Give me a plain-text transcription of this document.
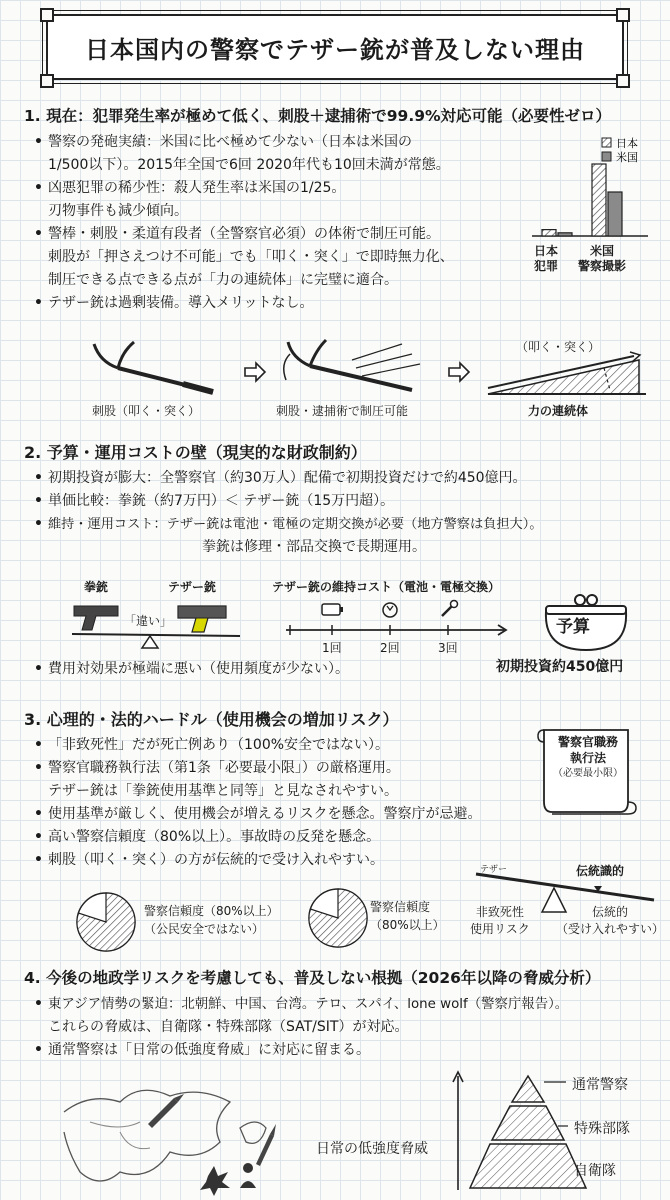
日本国内の警察でテザー銃が普及しない理由
1. 現在：犯罪発生率が極めて低く、刺股＋逮捕術で99.9%対応可能（必要性ゼロ）
• 警察の発砲実績：米国に比べ極めて少ない（日本は米国の
1/500以下）。2015年全国で6回 2020年代も10回未満が常態。
• 凶悪犯罪の稀少性：殺人発生率は米国の1/25。
刃物事件も減少傾向。
• 警棒・刺股・柔道有段者（全警察官必須）の体術で制圧可能。
刺股が「押さえつけ不可能」でも「叩く・突く」で即時無力化、
制圧できる点できる点が「力の連続体」に完璧に適合。
• テザー銃は過剰装備。導入メリットなし。
日本
米国
日本
犯罪
米国
警察撮影
刺股（叩く・突く）	刺股・逮捕術で制圧可能
（叩く・突く）
力の連続体
2. 予算・運用コストの壁（現実的な財政制約）
• 初期投資が膨大：全警察官（約30万人）配備で初期投資だけで約450億円。
• 単価比較：拳銃（約7万円）＜ テザー銃（15万円超）。
• 維持・運用コスト：テザー銃は電池・電極の定期交換が必要（地方警察は負担大）。
拳銃は修理・部品交換で長期運用。
拳銃	テザー銃
「違い」
テザー銃の維持コスト（電池・電極交換）
1回	2回	3回
予算
• 費用対効果が極端に悪い（使用頻度が少ない）。	初期投資約450億円
3. 心理的・法的ハードル（使用機会の増加リスク）
• 「非致死性」だが死亡例あり（100%安全ではない）。
• 警察官職務執行法（第1条「必要最小限」）の厳格運用。
テザー銃は「拳銃使用基準と同等」と見なされやすい。
• 使用基準が厳しく、使用機会が増えるリスクを懸念。警察庁が忌避。
• 高い警察信頼度（80%以上）。事故時の反発を懸念。
• 刺股（叩く・突く）の方が伝統的で受け入れやすい。
警察官職務
執行法
（必要最小限）
警察信頼度（80%以上）
（公民安全ではない）
警察信頼度
（80%以上）
テザー	伝統識的
非致死性
使用リスク
伝統的
（受け入れやすい）
4. 今後の地政学リスクを考慮しても、普及しない根拠（2026年以降の脅威分析）
• 東アジア情勢の緊迫：北朝鮮、中国、台湾。テロ、スパイ、lone wolf（警察庁報告）。
これらの脅威は、自衛隊・特殊部隊（SAT/SIT）が対応。
• 通常警察は「日常の低強度脅威」に対応に留まる。
日常の低強度脅威
通常警察
特殊部隊
自衛隊
